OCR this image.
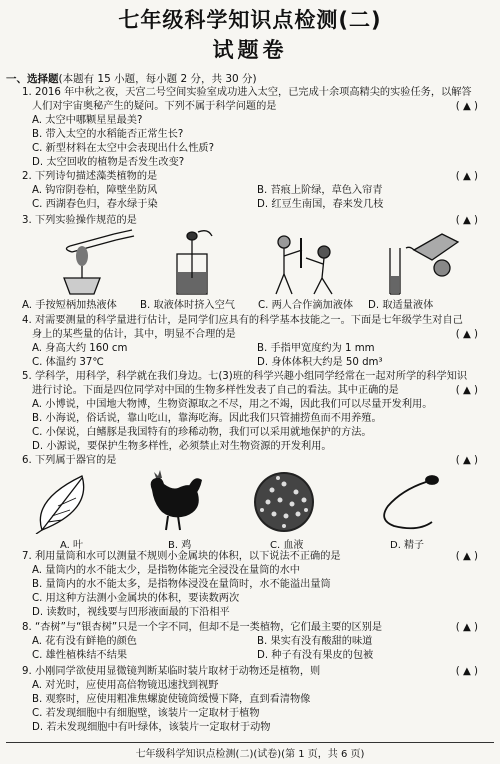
七年级科学知识点检测(二)
试题卷
一、选择题(本题有 15 小题，每小题 2 分，共 30 分)
1. 2016 年中秋之夜，天宫二号空间实验室成功进入太空，已完成十余项高精尖的实验任务，以解答
人们对宇宙奥秘产生的疑问。下列不属于科学问题的是	( ▲ )
A. 太空中哪颗星星最美?
B. 带入太空的水稻能否正常生长?
C. 新型材料在太空中会表现出什么性质?
D. 太空回收的植物是否发生改变?
2. 下列诗句描述藻类植物的是	( ▲ )
A. 钩帘阴卷柏，障壁坐防风	B. 苔痕上阶绿，草色入帘青
C. 西湖春色归，春水绿于染	D. 红豆生南国，春来发几枝
3. 下列实验操作规范的是	( ▲ )
A. 手按短柄加热液体 B. 取液体时挤入空气 C. 两人合作滴加液体 D. 取适量液体
4. 对需要测量的科学量进行估计，是同学们应具有的科学基本技能之一。下面是七年级学生对自己
身上的某些量的估计，其中，明显不合理的是	( ▲ )
A. 身高大约 160 cm	B. 手指甲宽度约为 1 mm
C. 体温约 37℃	D. 身体体积大约是 50 dm³
5. 学科学，用科学，科学就在我们身边。七(3)班的科学兴趣小组同学经常在一起对所学的科学知识
进行讨论。下面是四位同学对中国的生物多样性发表了自己的看法。其中正确的是	( ▲ )
A. 小博说，中国地大物博，生物资源取之不尽，用之不竭，因此我们可以尽量开发利用。
B. 小海说，俗话说，靠山吃山，靠海吃海。因此我们只管捕捞鱼而不用养殖。
C. 小保说，白鳍豚是我国特有的珍稀动物，我们可以采用就地保护的方法。
D. 小源说，要保护生物多样性，必须禁止对生物资源的开发利用。
6. 下列属于器官的是	( ▲ )
A. 叶	B. 鸡	C. 血液	D. 精子
7. 利用量筒和水可以测量不规则小金属块的体积，以下说法不正确的是	( ▲ )
A. 量筒内的水不能太少，是指物体能完全浸没在量筒的水中
B. 量筒内的水不能太多，是指物体浸没在量筒时，水不能溢出量筒
C. 用这种方法测小金属块的体积，要读数两次
D. 读数时，视线要与凹形液面最的下沿相平
8. “杏树”与“银杏树”只是一个字不同，但却不是一类植物，它们最主要的区别是	( ▲ )
A. 花有没有鲜艳的颜色	B. 果实有没有酸甜的味道
C. 雄性植株结不结果	D. 种子有没有果皮的包被
9. 小刚同学欲使用显微镜判断某临时装片取材于动物还是植物，则	( ▲ )
A. 对光时，应使用高倍物镜迅速找到视野
B. 观察时，应使用粗准焦螺旋使镜筒缓慢下降，直到看清物像
C. 若发现细胞中有细胞壁，该装片一定取材于植物
D. 若未发现细胞中有叶绿体，该装片一定取材于动物
七年级科学知识点检测(二)(试卷)(第 1 页，共 6 页)
